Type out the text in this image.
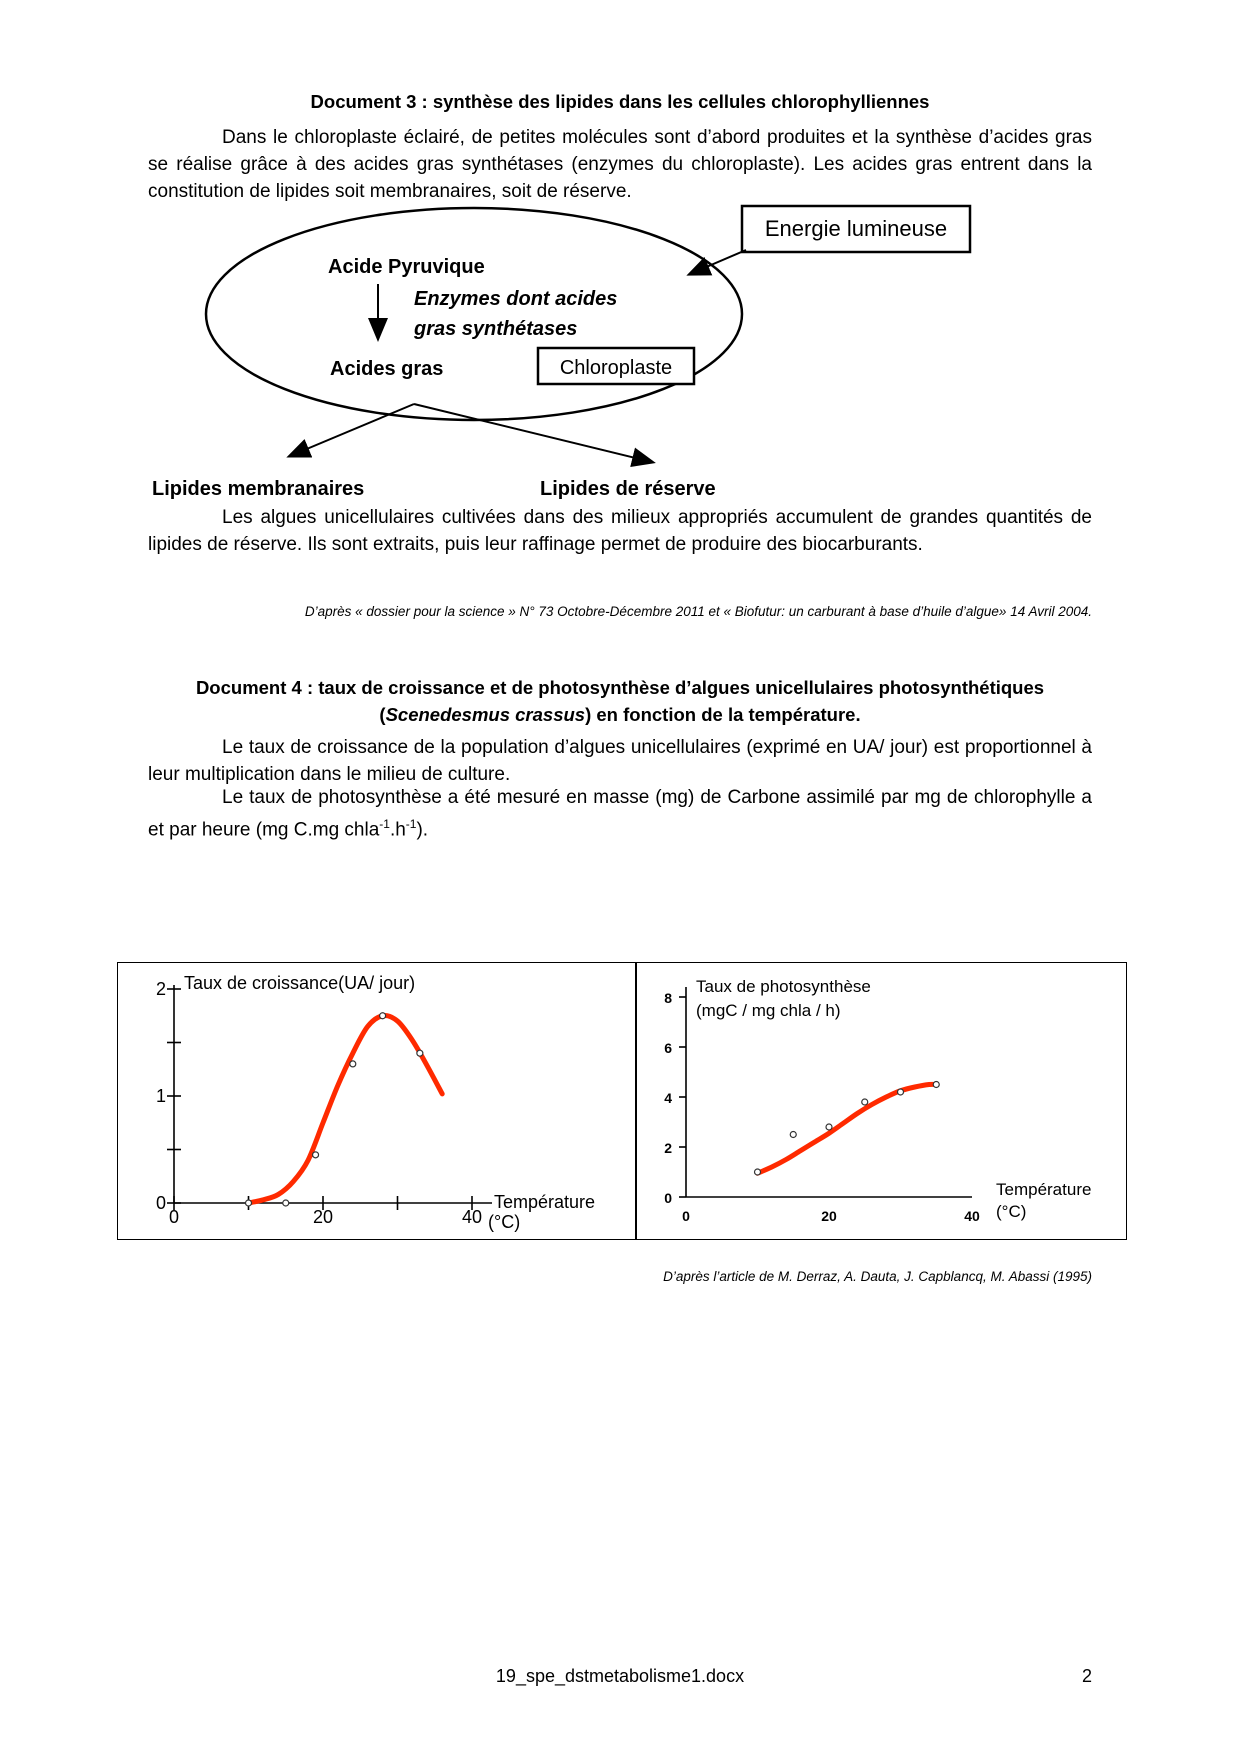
Document 3 : synthèse des lipides dans les cellules chlorophylliennes
Dans le chloroplaste éclairé, de petites molécules sont d’abord produites et la synthèse d’acides gras se réalise grâce à des acides gras synthétases (enzymes du chloroplaste). Les acides gras entrent dans la constitution de lipides soit membranaires, soit de réserve.
Energie lumineuse
Acide Pyruvique
Enzymes dont acides
gras synthétases
Acides gras	Chloroplaste
Lipides membranaires	Lipides de réserve
Les algues unicellulaires cultivées dans des milieux appropriés accumulent de grandes quantités de lipides de réserve. Ils sont extraits, puis leur raffinage permet de produire des biocarburants.
D’après « dossier pour la science » N° 73 Octobre-Décembre 2011 et « Biofutur: un carburant à base d’huile d’algue» 14 Avril 2004.
Document 4 : taux de croissance et de photosynthèse d’algues unicellulaires photosynthétiques
(Scenedesmus crassus) en fonction de la température.
Le taux de croissance de la population d’algues unicellulaires (exprimé en UA/ jour) est proportionnel à leur multiplication dans le milieu de culture.
Le taux de photosynthèse a été mesuré en masse (mg) de Carbone assimilé par mg de chlorophylle a et par heure (mg C.mg $chla^{-1}.h^{-1}$).
0
1
2
0	20	40
Taux de croissance(UA/ jour)
Température
(°C)
0
2
4
6
8
0	20	40
Taux de photosynthèse
(mgC / mg chla / h)
Température
(°C)
D’après l’article de M. Derraz, A. Dauta, J. Capblancq, M. Abassi (1995)
19_spe_dstmetabolisme1.docx	2
